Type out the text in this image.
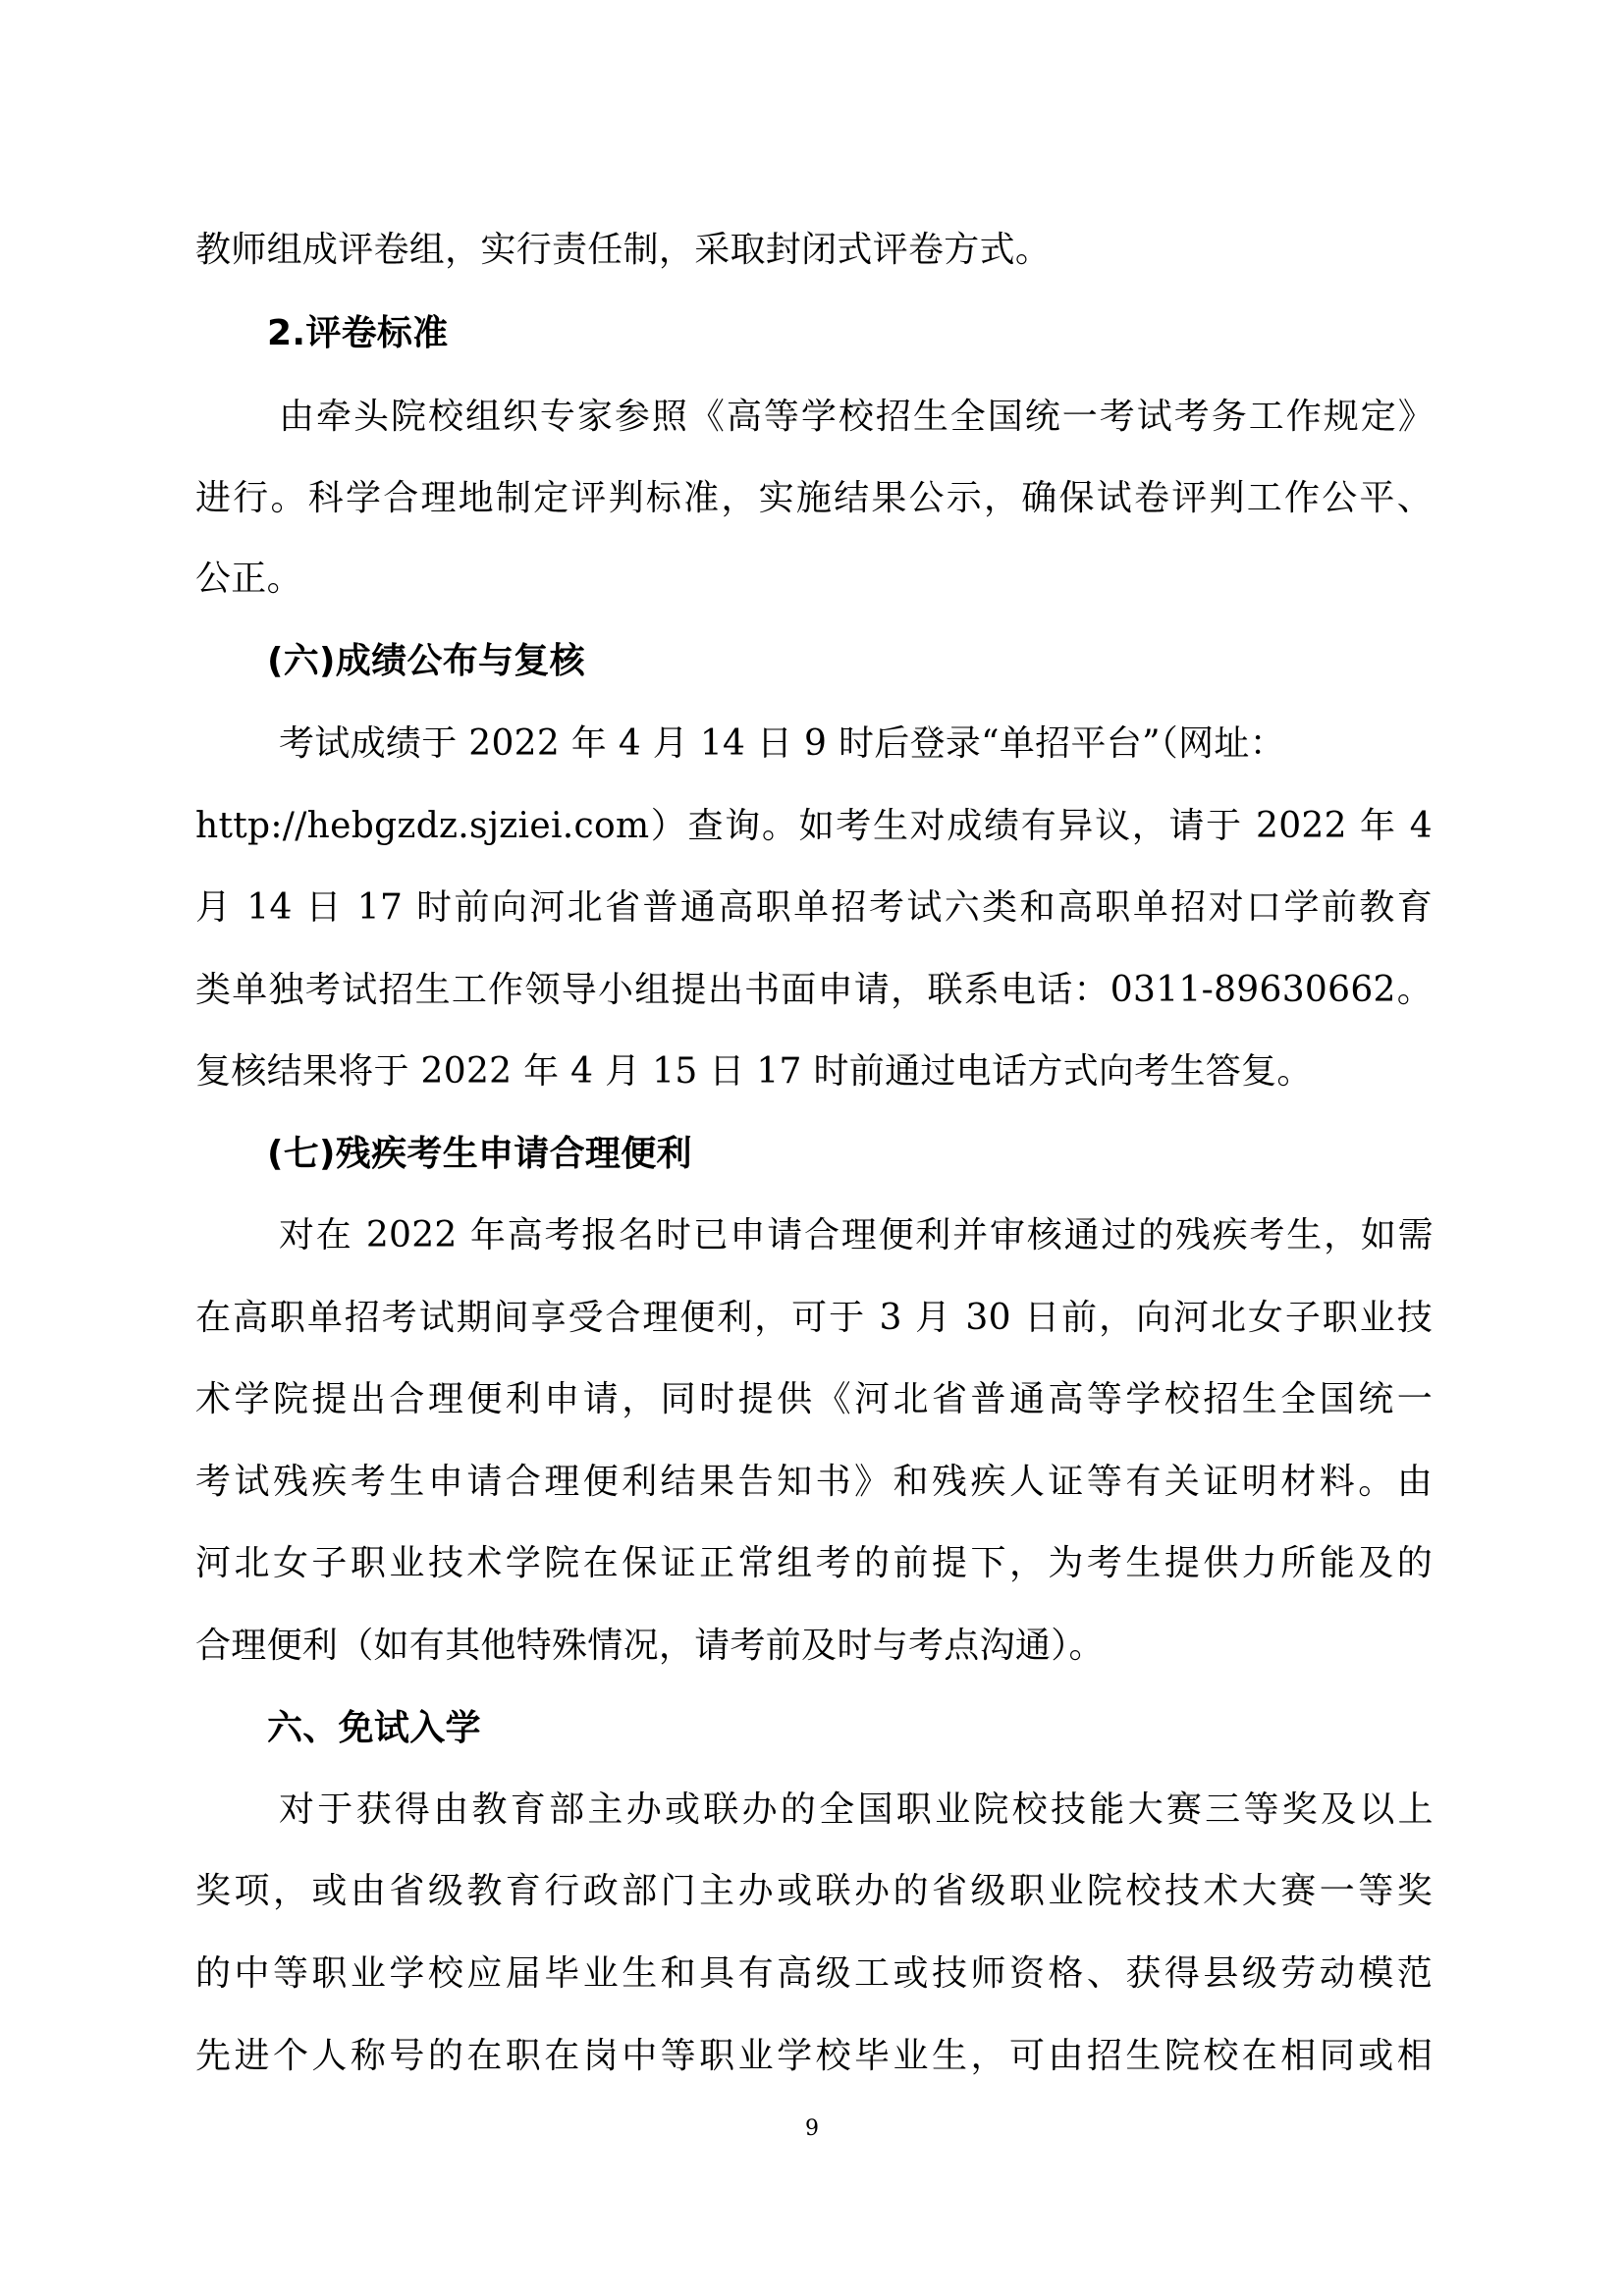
教师组成评卷组，实行责任制，采取封闭式评卷方式。
2.评卷标准
由牵头院校组织专家参照《高等学校招生全国统一考试考务工作规定》
进行。科学合理地制定评判标准，实施结果公示，确保试卷评判工作公平、
公正。
(六)成绩公布与复核
考试成绩于 2022 年 4 月 14 日 9 时后登录“单招平台”（网址：
http://hebgzdz.sjziei.com）查询。如考生对成绩有异议，请于 2022 年 4
月 14 日 17 时前向河北省普通高职单招考试六类和高职单招对口学前教育
类单独考试招生工作领导小组提出书面申请，联系电话：0311-89630662。
复核结果将于 2022 年 4 月 15 日 17 时前通过电话方式向考生答复。
(七)残疾考生申请合理便利
对在 2022 年高考报名时已申请合理便利并审核通过的残疾考生，如需
在高职单招考试期间享受合理便利，可于 3 月 30 日前，向河北女子职业技
术学院提出合理便利申请，同时提供《河北省普通高等学校招生全国统一
考试残疾考生申请合理便利结果告知书》和残疾人证等有关证明材料。由
河北女子职业技术学院在保证正常组考的前提下，为考生提供力所能及的
合理便利（如有其他特殊情况，请考前及时与考点沟通）。
六、免试入学
对于获得由教育部主办或联办的全国职业院校技能大赛三等奖及以上
奖项，或由省级教育行政部门主办或联办的省级职业院校技术大赛一等奖
的中等职业学校应届毕业生和具有高级工或技师资格、获得县级劳动模范
先进个人称号的在职在岗中等职业学校毕业生，可由招生院校在相同或相
9
